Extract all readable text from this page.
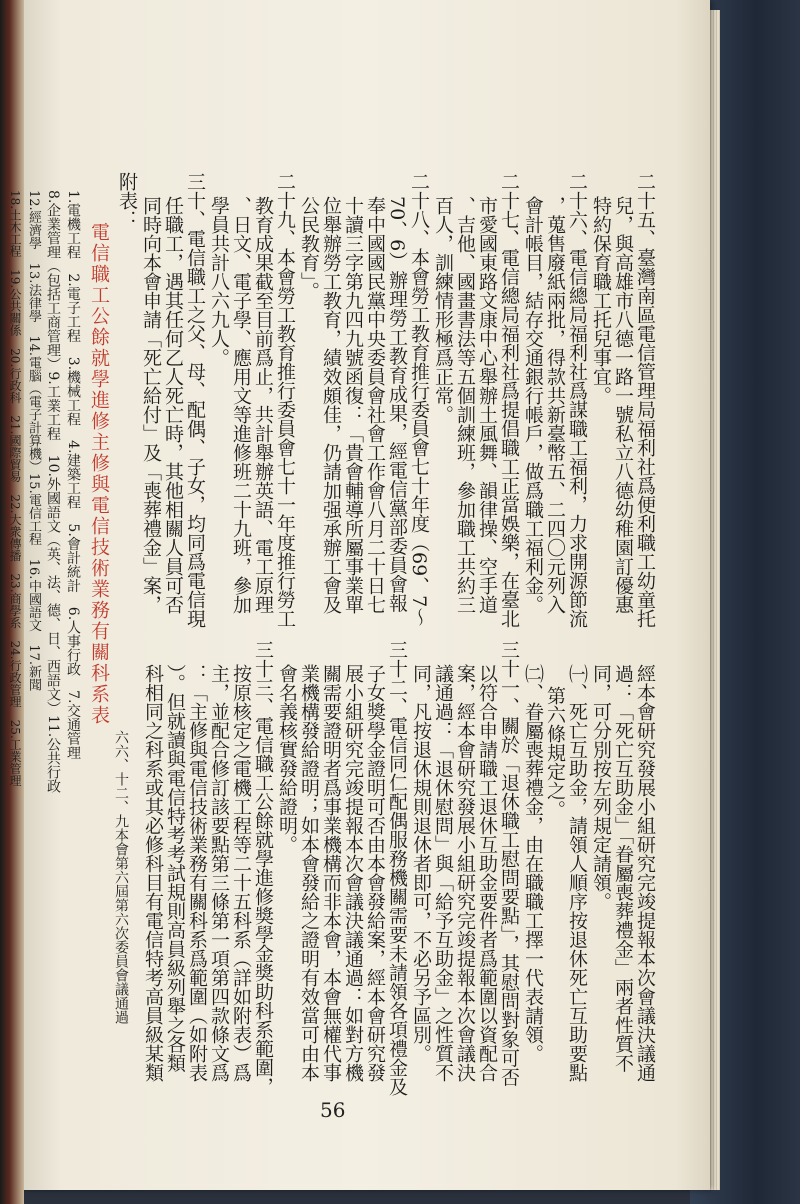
二十五、臺灣南區電信管理局福利社爲便利職工幼童托
兒，與高雄市八德一路一號私立八德幼稚園訂優惠
特約保育職工托兒事宜。
二十六、電信總局福利社爲謀職工福利，力求開源節流
，蒐售廢紙兩批，得款共新臺幣五、二四〇元列入
會計帳目，結存交通銀行帳戶，做爲職工福利金。
二十七、電信總局福利社爲提倡職工正當娛樂，在臺北
市愛國東路文康中心舉辦土風舞、韻律操、空手道
、吉他、國畫書法等五個訓練班，參加職工共約三
百人，訓練情形極爲正常。
二十八、本會勞工教育推行委員會七十年度（69、7～
70、6）辦理勞工教育成果，經電信黨部委員會報
奉中國國民黨中央委員會社會工作會八月二十日七
十讀三字第九四九號函復：「貴會輔導所屬事業單
位舉辦勞工教育，績效頗佳，仍請加强承辦工會及
公民教育」。
二十九、本會勞工教育推行委員會七十一年度推行勞工
教育成果截至目前爲止，共計舉辦英語、電工原理
、日文、電子學、應用文等進修班二十九班，參加
學員共計八六九人。
三十、電信職工之父、母、配偶、子女，均同爲電信現
任職工，遇其任何乙人死亡時，其他相關人員可否
同時向本會申請「死亡給付」及「喪葬禮金」案，
附表：
電信職工公餘就學進修主修與電信技術業務有關科系表
1.電機工程　2.電子工程　3.機械工程　4.建築工程　5.會計統計　6.人事行政　7.交通管理
8.企業管理（包括工商管理）9.工業工程　10.外國語文（英、法、德、日、西語文）11.公共行政
12.經濟學　13.法律學　14.電腦（電子計算機）15.電信工程　16.中國語文　17.新聞
18.土木工程　19.公共關係　20.行政科　21.國際貿易　22.大衆傳播　23.商學系　24.行政管理　25.工業管理
六六、十二、九本會第六屆第六次委員會議通過	經本會研究發展小組研究完竣提報本次會議決議通
過：「死亡互助金」「眷屬喪葬禮金」兩者性質不
同，可分別按左列規定請領。
㈠、死亡互助金，請領人順序按退休死亡互助要點
第六條規定之。
㈡、眷屬喪葬禮金，由在職職工擇一代表請領。
三十一、關於「退休職工慰問要點」，其慰問對象可否
以符合申請職工退休互助金要件者爲範圍以資配合
案，經本會研究發展小組研究完竣提報本次會議決
議通過：「退休慰問」與「給予互助金」之性質不
同，凡按退休規則退休者即可，不必另予區別。
三十二、電信同仁配偶服務機關需要未請領各項禮金及
子女獎學金證明可否由本會發給案，經本會研究發
展小組研究完竣提報本次會議決議通過：如對方機
關需要證明者爲事業機構而非本會，本會無權代事
業機構發給證明；如本會發給之證明有效當可由本
會名義核實發給證明。
三十三、電信職工公餘就學進修獎學金獎助科系範圍，
按原核定之電機工程等二十五科系（詳如附表）爲
主，並配合修訂該要點第三條第一項第四款條文爲
：「主修與電信技術業務有關科系爲範圍（如附表
）。但就讀與電信特考考試規則高員級列舉之各類
科相同之科系或其必修科目有電信特考高員級某類
56
